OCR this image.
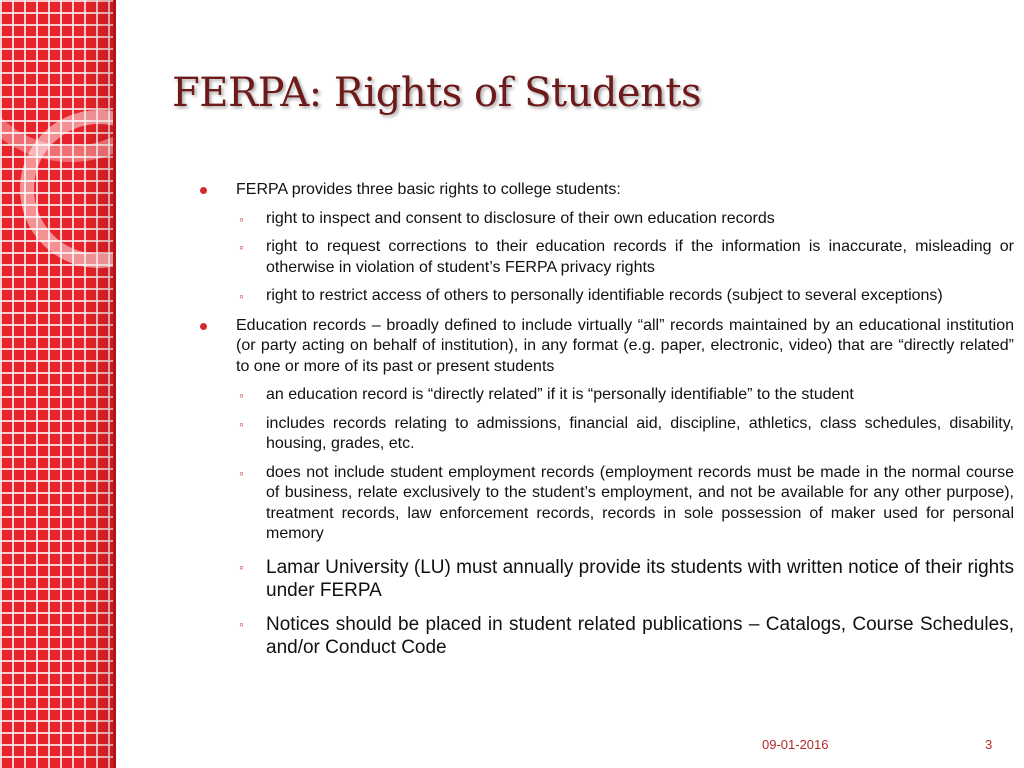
FERPA: Rights of Students
FERPA provides three basic rights to college students:
◦ right to inspect and consent to disclosure of their own education records
◦ right to request corrections to their education records if the information is inaccurate, misleading or otherwise in violation of student’s FERPA privacy rights
◦ right to restrict access of others to personally identifiable records (subject to several exceptions)
Education records – broadly defined to include virtually “all” records maintained by an educational institution (or party acting on behalf of institution), in any format (e.g. paper, electronic, video) that are “directly related” to one or more of its past or present students
◦ an education record is “directly related” if it is “personally identifiable” to the student
◦ includes records relating to admissions, financial aid, discipline, athletics, class schedules, disability, housing, grades, etc.
◦ does not include student employment records (employment records must be made in the normal course of business, relate exclusively to the student’s employment, and not be available for any other purpose), treatment records, law enforcement records, records in sole possession of maker used for personal memory
◦ Lamar University (LU) must annually provide its students with written notice of their rights under FERPA
◦ Notices should be placed in student related publications – Catalogs, Course Schedules, and/or Conduct Code
09-01-2016	3
